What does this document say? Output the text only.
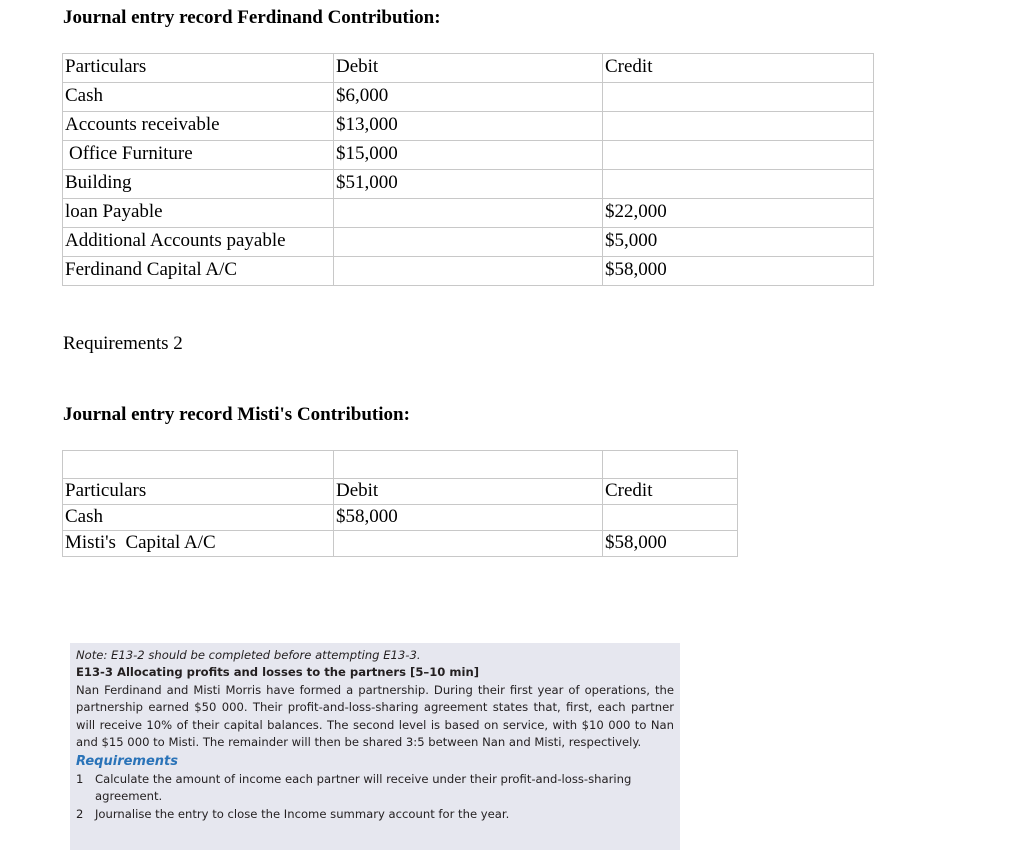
Journal entry record Ferdinand Contribution:
Particulars	Debit	Credit
Cash	$6,000	
Accounts receivable	$13,000	
Office Furniture	$15,000	
Building	$51,000	
loan Payable		$22,000
Additional Accounts payable		$5,000
Ferdinand Capital A/C		$58,000
Requirements 2
Journal entry record Misti's Contribution:

Particulars	Debit	Credit
Cash	$58,000	
Misti's  Capital A/C		$58,000

Note: E13-2 should be completed before attempting E13-3.

E13-3 Allocating profits and losses to the partners [5–10 min]

Nan Ferdinand and Misti Morris have formed a partnership. During their first year of operations, the partnership earned $50 000. Their profit-and-loss-sharing agreement states that, first, each partner will receive 10% of their capital balances. The second level is based on service, with $10 000 to Nan and $15 000 to Misti. The remainder will then be shared 3:5 between Nan and Misti, respectively.

Requirements

1	Calculate the amount of income each partner will receive under their profit-and-loss-sharing agreement.
2	Journalise the entry to close the Income summary account for the year.
